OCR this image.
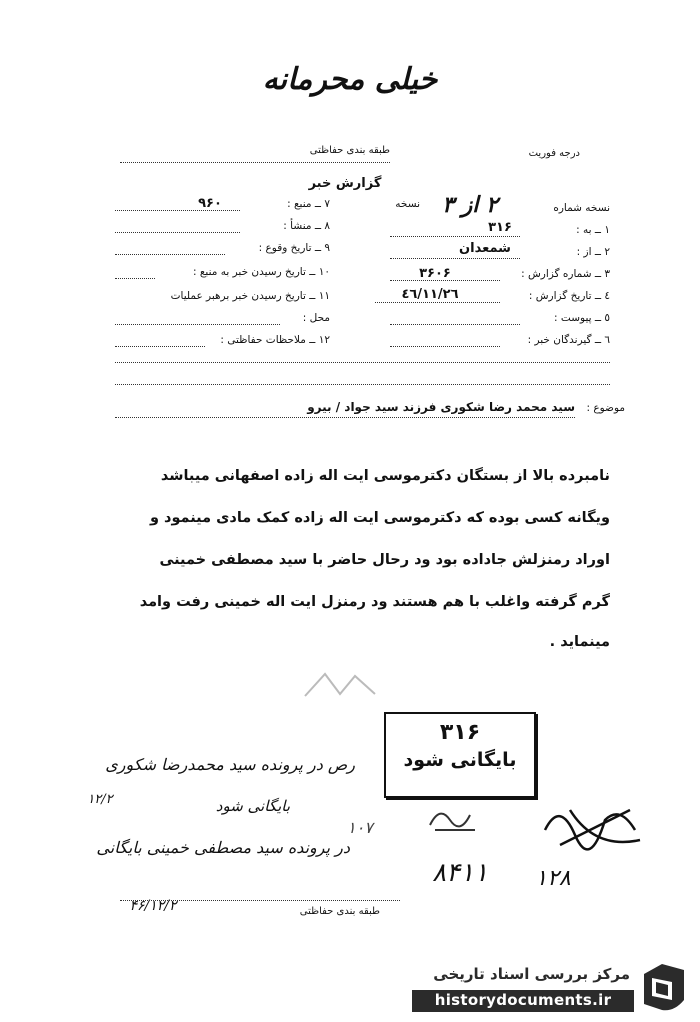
خیلی محرمانه
طبقه بندی حفاظتی	درجه فوریت
گزارش خبر
نسخه شماره
۲ از ۳
نسخه
۱ ــ به :
۳۱۶
۲ ــ از :
شمعدان
۳ ــ شماره گزارش :
۳۶۰۶
٤ ــ تاریخ گزارش :
٤٦/١١/٢٦
٥ ــ پیوست :
٦ ــ گیرندگان خبر :
۷ ــ منبع :
۹۶۰
۸ ــ منشأ :
۹ ــ تاریخ وقوع :
۱۰ ــ تاریخ رسیدن خبر به منبع :
۱۱ ــ تاریخ رسیدن خبر برهبر عملیات
محل :
۱۲ ــ ملاحظات حفاظتی :
موضوع :
سید محمد رضا شکوری فرزند سید جواد / بیرو
نامبرده بالا از بستگان دکترموسی ایت اله زاده اصفهانی میباشد
ویگانه کسی بوده که دکترموسی ایت اله زاده کمک مادی مینمود و
اوراد رمنزلش جاداده بود ود رحال حاضر با سید مصطفی خمینی
گرم گرفته واغلب با هم هستند ود رمنزل ایت اله خمینی رفت وامد
مینماید .
۳۱۶
بایگانی شود
رص در پرونده سید محمدرضا شکوری
بایگانی شود
۱۲/۲
در پرونده سید مصطفی خمینی بایگانی
۴۶/۱۲/۲
۱۰۷
۸۴۱۱	۱۲۸
طبقه بندی حفاظتی
مرکز بررسی اسناد تاریخی
historydocuments.ir
